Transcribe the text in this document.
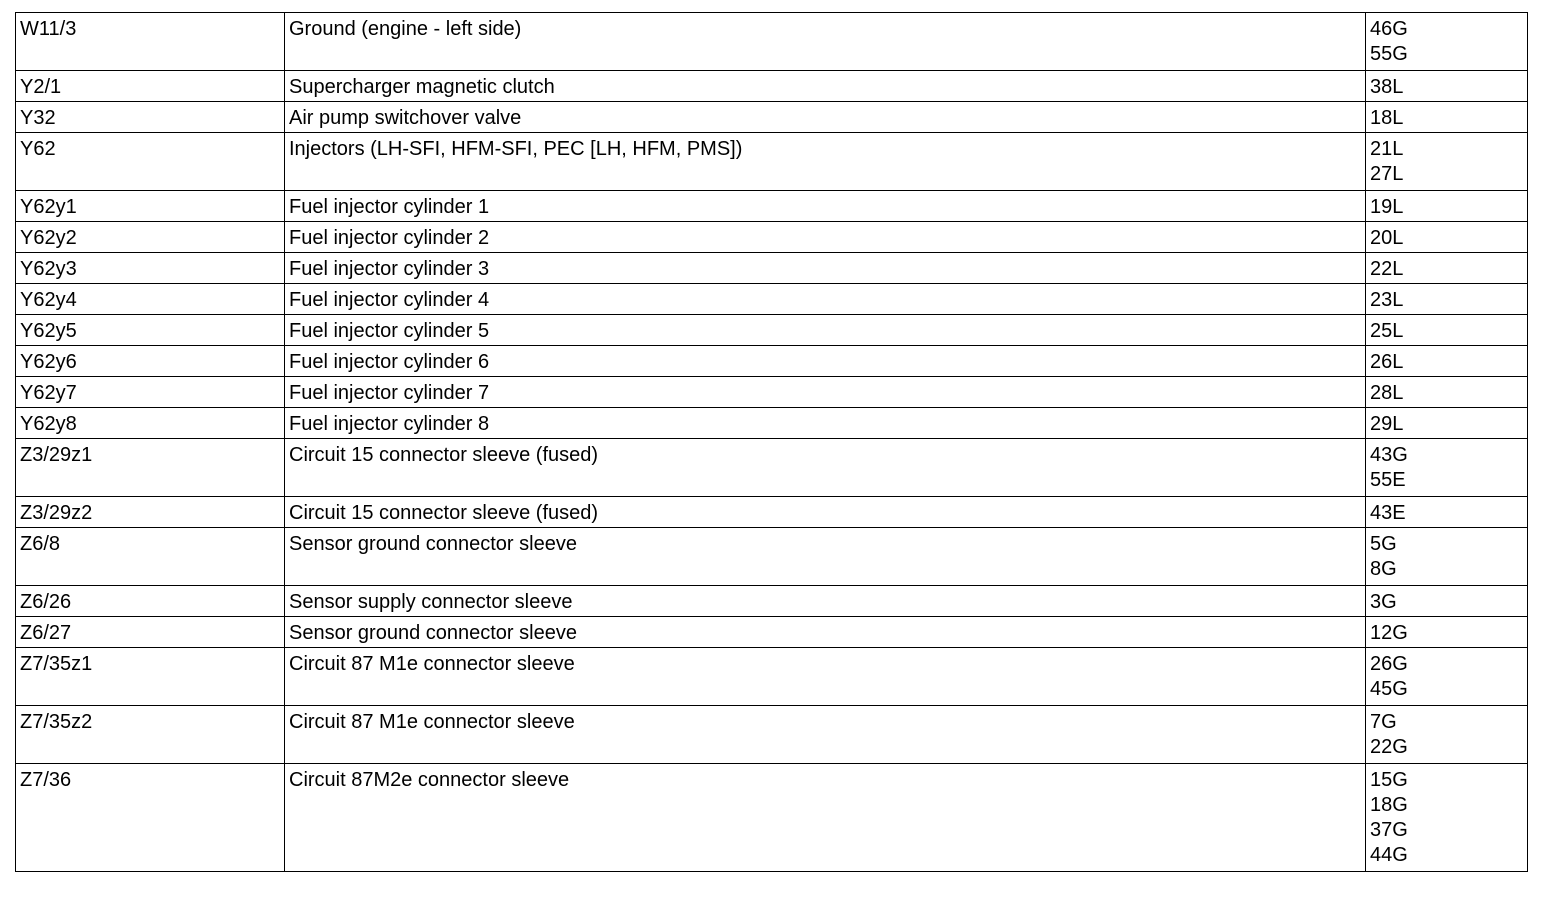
W11/3	Ground (engine - left side)	46G
55G

Y2/1	Supercharger magnetic clutch	38L

Y32	Air pump switchover valve	18L

Y62	Injectors (LH-SFI, HFM-SFI, PEC [LH, HFM, PMS])	21L
27L

Y62y1	Fuel injector cylinder 1	19L

Y62y2	Fuel injector cylinder 2	20L

Y62y3	Fuel injector cylinder 3	22L

Y62y4	Fuel injector cylinder 4	23L

Y62y5	Fuel injector cylinder 5	25L

Y62y6	Fuel injector cylinder 6	26L

Y62y7	Fuel injector cylinder 7	28L

Y62y8	Fuel injector cylinder 8	29L

Z3/29z1	Circuit 15 connector sleeve (fused)	43G
55E

Z3/29z2	Circuit 15 connector sleeve (fused)	43E

Z6/8	Sensor ground connector sleeve	5G
8G

Z6/26	Sensor supply connector sleeve	3G

Z6/27	Sensor ground connector sleeve	12G

Z7/35z1	Circuit 87 M1e connector sleeve	26G
45G

Z7/35z2	Circuit 87 M1e connector sleeve	7G
22G

Z7/36	Circuit 87M2e connector sleeve	15G
18G
37G
44G
